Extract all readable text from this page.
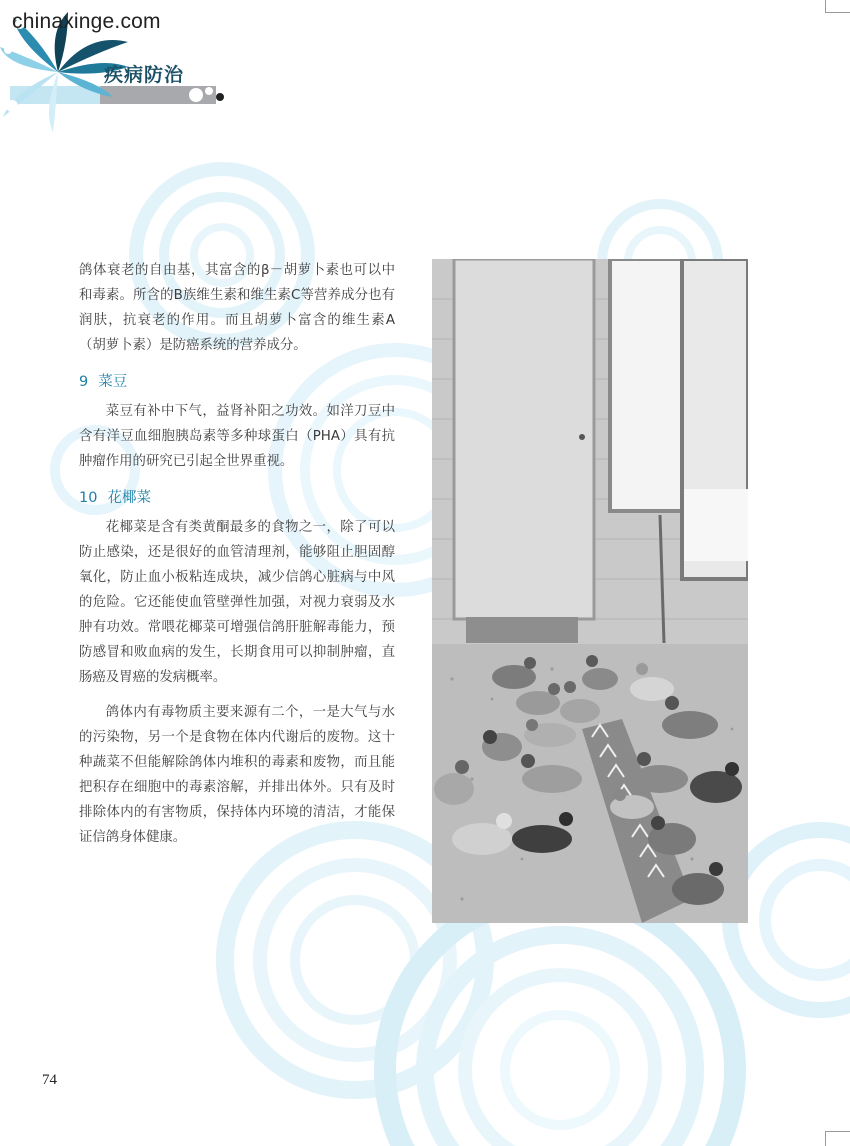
chinaxinge.com
疾病防治

鸽体衰老的自由基，其富含的β－胡萝卜素也可以中和毒素。所含的B族维生素和维生素C等营养成分也有润肤，抗衰老的作用。而且胡萝卜富含的维生素A（胡萝卜素）是防癌系统的营养成分。

9 菜豆

菜豆有补中下气，益肾补阳之功效。如洋刀豆中含有洋豆血细胞胰岛素等多种球蛋白（PHA）具有抗肿瘤作用的研究已引起全世界重视。

10 花椰菜

花椰菜是含有类黄酮最多的食物之一，除了可以防止感染，还是很好的血管清理剂，能够阻止胆固醇氧化，防止血小板粘连成块，减少信鸽心脏病与中风的危险。它还能使血管壁弹性加强，对视力衰弱及水肿有功效。常喂花椰菜可增强信鸽肝脏解毒能力，预防感冒和败血病的发生，长期食用可以抑制肿瘤，直肠癌及胃癌的发病概率。

鸽体内有毒物质主要来源有二个，一是大气与水的污染物，另一个是食物在体内代谢后的废物。这十种蔬菜不但能解除鸽体内堆积的毒素和废物，而且能把积存在细胞中的毒素溶解，并排出体外。只有及时排除体内的有害物质，保持体内环境的清洁，才能保证信鸽身体健康。

74
